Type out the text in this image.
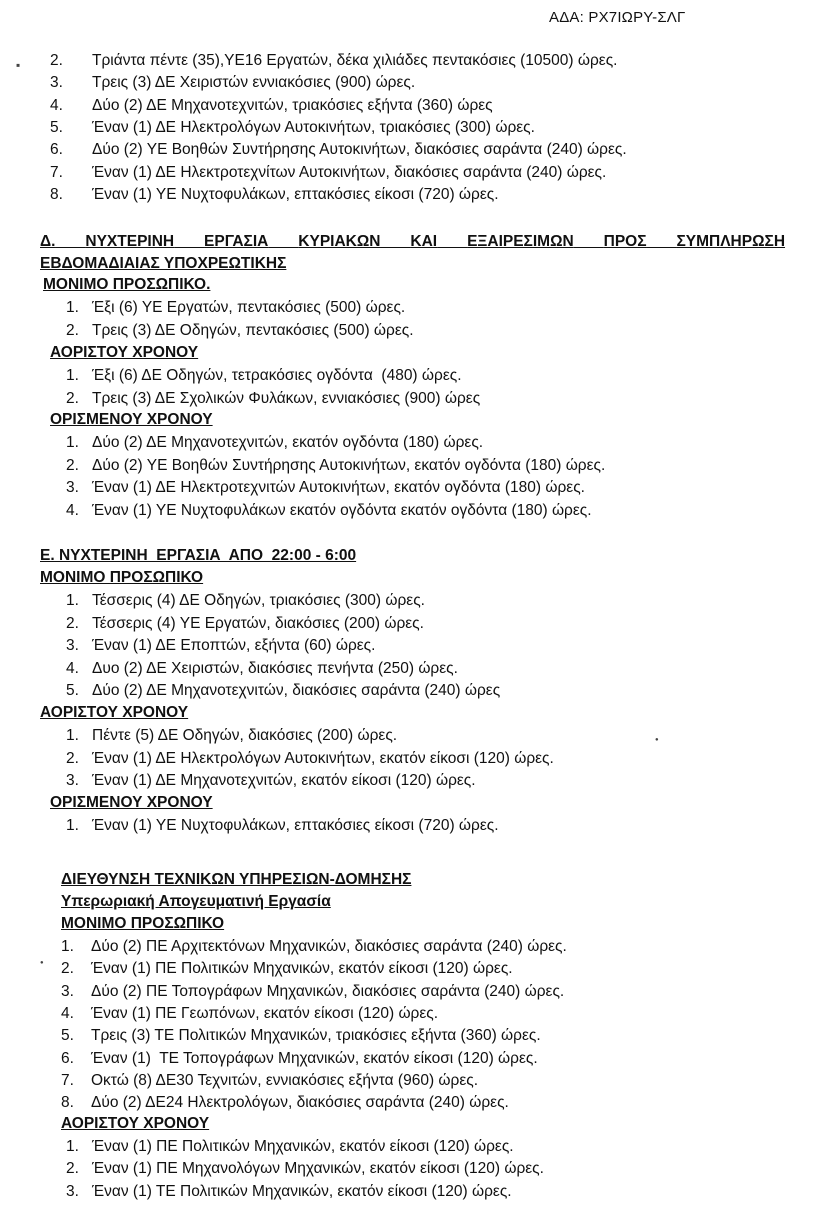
ΑΔΑ: ΡΧ7ΙΩΡΥ-ΣΛΓ
▪
●
●
2. Τριάντα πέντε (35),ΥΕ16 Εργατών, δέκα χιλιάδες πεντακόσιες (10500) ώρες.
3. Τρεις (3) ΔΕ Χειριστών εννιακόσιες (900) ώρες.
4. Δύο (2) ΔΕ Μηχανοτεχνιτών, τριακόσιες εξήντα (360) ώρες
5. Έναν (1) ΔΕ Ηλεκτρολόγων Αυτοκινήτων, τριακόσιες (300) ώρες.
6. Δύο (2) ΥΕ Βοηθών Συντήρησης Αυτοκινήτων, διακόσιες σαράντα (240) ώρες.
7. Έναν (1) ΔΕ Ηλεκτροτεχνίτων Αυτοκινήτων, διακόσιες σαράντα (240) ώρες.
8. Έναν (1) ΥΕ Νυχτοφυλάκων, επτακόσιες είκοσι (720) ώρες.
Δ. ΝΥΧΤΕΡΙΝΗ ΕΡΓΑΣΙΑ ΚΥΡΙΑΚΩΝ ΚΑΙ ΕΞΑΙΡΕΣΙΜΩΝ ΠΡΟΣ ΣΥΜΠΛΗΡΩΣΗ
ΕΒΔΟΜΑΔΙΑΙΑΣ ΥΠΟΧΡΕΩΤΙΚΗΣ
ΜΟΝΙΜΟ ΠΡΟΣΩΠΙΚΟ.
1. Έξι (6) ΥΕ Εργατών, πεντακόσιες (500) ώρες.
2. Τρεις (3) ΔΕ Οδηγών, πεντακόσιες (500) ώρες.
ΑΟΡΙΣΤΟΥ ΧΡΟΝΟΥ
1. Έξι (6) ΔΕ Οδηγών, τετρακόσιες ογδόντα  (480) ώρες.
2. Τρεις (3) ΔΕ Σχολικών Φυλάκων, εννιακόσιες (900) ώρες
ΟΡΙΣΜΕΝΟΥ ΧΡΟΝΟΥ
1. Δύο (2) ΔΕ Μηχανοτεχνιτών, εκατόν ογδόντα (180) ώρες.
2. Δύο (2) ΥΕ Βοηθών Συντήρησης Αυτοκινήτων, εκατόν ογδόντα (180) ώρες.
3. Έναν (1) ΔΕ Ηλεκτροτεχνιτών Αυτοκινήτων, εκατόν ογδόντα (180) ώρες.
4. Έναν (1) ΥΕ Νυχτοφυλάκων εκατόν ογδόντα εκατόν ογδόντα (180) ώρες.
Ε. ΝΥΧΤΕΡΙΝΗ  ΕΡΓΑΣΙΑ  ΑΠΟ  22:00 - 6:00
ΜΟΝΙΜΟ ΠΡΟΣΩΠΙΚΟ
1. Τέσσερις (4) ΔΕ Οδηγών, τριακόσιες (300) ώρες.
2. Τέσσερις (4) ΥΕ Εργατών, διακόσιες (200) ώρες.
3. Έναν (1) ΔΕ Εποπτών, εξήντα (60) ώρες.
4. Δυο (2) ΔΕ Χειριστών, διακόσιες πενήντα (250) ώρες.
5. Δύο (2) ΔΕ Μηχανοτεχνιτών, διακόσιες σαράντα (240) ώρες
ΑΟΡΙΣΤΟΥ ΧΡΟΝΟΥ
1. Πέντε (5) ΔΕ Οδηγών, διακόσιες (200) ώρες.
2. Έναν (1) ΔΕ Ηλεκτρολόγων Αυτοκινήτων, εκατόν είκοσι (120) ώρες.
3. Έναν (1) ΔΕ Μηχανοτεχνιτών, εκατόν είκοσι (120) ώρες.
ΟΡΙΣΜΕΝΟΥ ΧΡΟΝΟΥ
1. Έναν (1) ΥΕ Νυχτοφυλάκων, επτακόσιες είκοσι (720) ώρες.
ΔΙΕΥΘΥΝΣΗ ΤΕΧΝΙΚΩΝ ΥΠΗΡΕΣΙΩΝ-ΔΟΜΗΣΗΣ
Υπερωριακή Απογευματινή Εργασία
ΜΟΝΙΜΟ ΠΡΟΣΩΠΙΚΟ
1. Δύο (2) ΠΕ Αρχιτεκτόνων Μηχανικών, διακόσιες σαράντα (240) ώρες.
2. Έναν (1) ΠΕ Πολιτικών Μηχανικών, εκατόν είκοσι (120) ώρες.
3. Δύο (2) ΠΕ Τοπογράφων Μηχανικών, διακόσιες σαράντα (240) ώρες.
4. Έναν (1) ΠΕ Γεωπόνων, εκατόν είκοσι (120) ώρες.
5. Τρεις (3) ΤΕ Πολιτικών Μηχανικών, τριακόσιες εξήντα (360) ώρες.
6. Έναν (1)  ΤΕ Τοπογράφων Μηχανικών, εκατόν είκοσι (120) ώρες.
7. Οκτώ (8) ΔΕ30 Τεχνιτών, εννιακόσιες εξήντα (960) ώρες.
8. Δύο (2) ΔΕ24 Ηλεκτρολόγων, διακόσιες σαράντα (240) ώρες.
ΑΟΡΙΣΤΟΥ ΧΡΟΝΟΥ
1. Έναν (1) ΠΕ Πολιτικών Μηχανικών, εκατόν είκοσι (120) ώρες.
2. Έναν (1) ΠΕ Μηχανολόγων Μηχανικών, εκατόν είκοσι (120) ώρες.
3. Έναν (1) ΤΕ Πολιτικών Μηχανικών, εκατόν είκοσι (120) ώρες.
